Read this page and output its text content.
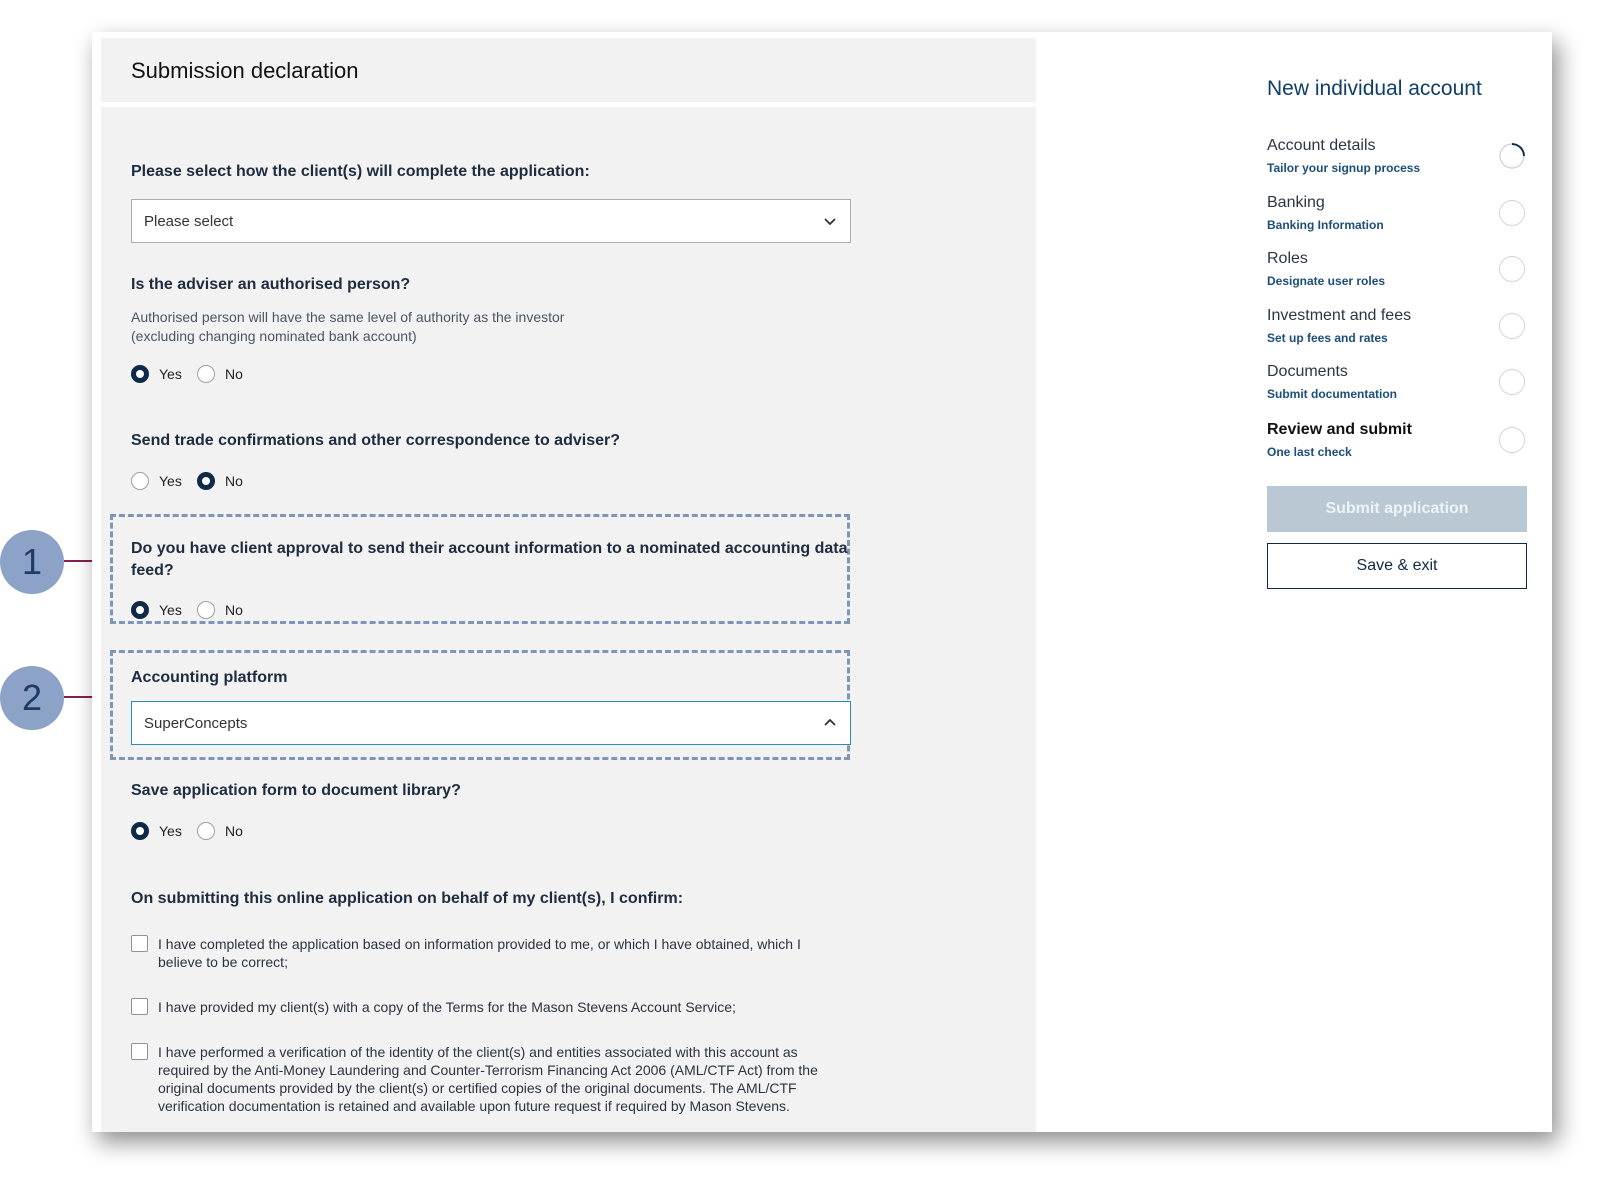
1
2
Submission declaration
Please select how the client(s) will complete the application:
Please select
Is the adviser an authorised person?
Authorised person will have the same level of authority as the investor
(excluding changing nominated bank account)
Yes	No
Send trade confirmations and other correspondence to adviser?
Yes	No
Do you have client approval to send their account information to a nominated accounting data
feed?
Yes	No
Accounting platform
SuperConcepts
Save application form to document library?
Yes	No
On submitting this online application on behalf of my client(s), I confirm:
I have completed the application based on information provided to me, or which I have obtained, which I
believe to be correct;
I have provided my client(s) with a copy of the Terms for the Mason Stevens Account Service;
I have performed a verification of the identity of the client(s) and entities associated with this account as
required by the Anti-Money Laundering and Counter-Terrorism Financing Act 2006 (AML/CTF Act) from the
original documents provided by the client(s) or certified copies of the original documents. The AML/CTF
verification documentation is retained and available upon future request if required by Mason Stevens.
New individual account
Account details
Tailor your signup process
Banking
Banking Information
Roles
Designate user roles
Investment and fees
Set up fees and rates
Documents
Submit documentation
Review and submit
One last check
Submit application
Save & exit
